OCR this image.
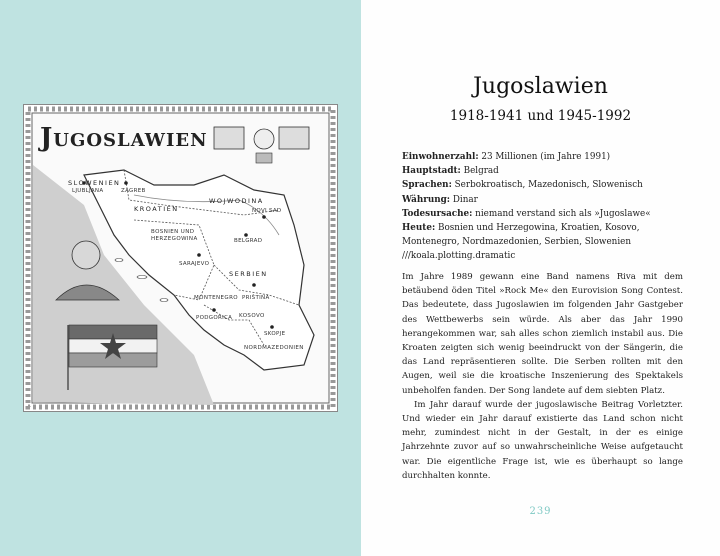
Jugoslawien
SLOWENIEN
LJUBLJANA	ZAGREB
KROATIEN
WOJWODINA
NOVI SAD
BOSNIEN UND HERZEGOWINA	BELGRAD
SARAJEVO
SERBIEN
MONTENEGRO PRIŠTINA
KOSOVO
PODGORICA
SKOPJE
NORDMAZEDONIEN
Jugoslawien
1918-1941 und 1945-1992
Einwohnerzahl: 23 Millionen (im Jahre 1991)
Hauptstadt: Belgrad
Sprachen: Serbokroatisch, Mazedonisch, Slowenisch
Währung: Dinar
Todesursache: niemand verstand sich als »Jugoslawe«
Heute: Bosnien und Herzegowina, Kroatien, Kosovo,
Montenegro, Nordmazedonien, Serbien, Slowenien
///koala.plotting.dramatic

Im Jahre 1989 gewann eine Band namens Riva mit dem betäubend öden Titel »Rock Me« den Eurovision Song Contest. Das bedeutete, dass Jugoslawien im folgenden Jahr Gastgeber des Wettbewerbs sein würde. Als aber das Jahr 1990 herangekommen war, sah alles schon ziemlich instabil aus. Die Kroaten zeigten sich wenig beeindruckt von der Sängerin, die das Land repräsentieren sollte. Die Serben rollten mit den Augen, weil sie die kroatische Inszenierung des Spektakels unbeholfen fanden. Der Song landete auf dem siebten Platz.

Im Jahr darauf wurde der jugoslawische Beitrag Vorletzter. Und wieder ein Jahr darauf existierte das Land schon nicht mehr, zumindest nicht in der Gestalt, in der es einige Jahrzehnte zuvor auf so unwahrscheinliche Weise aufgetaucht war. Die eigentliche Frage ist, wie es überhaupt so lange durchhalten konnte.

239
